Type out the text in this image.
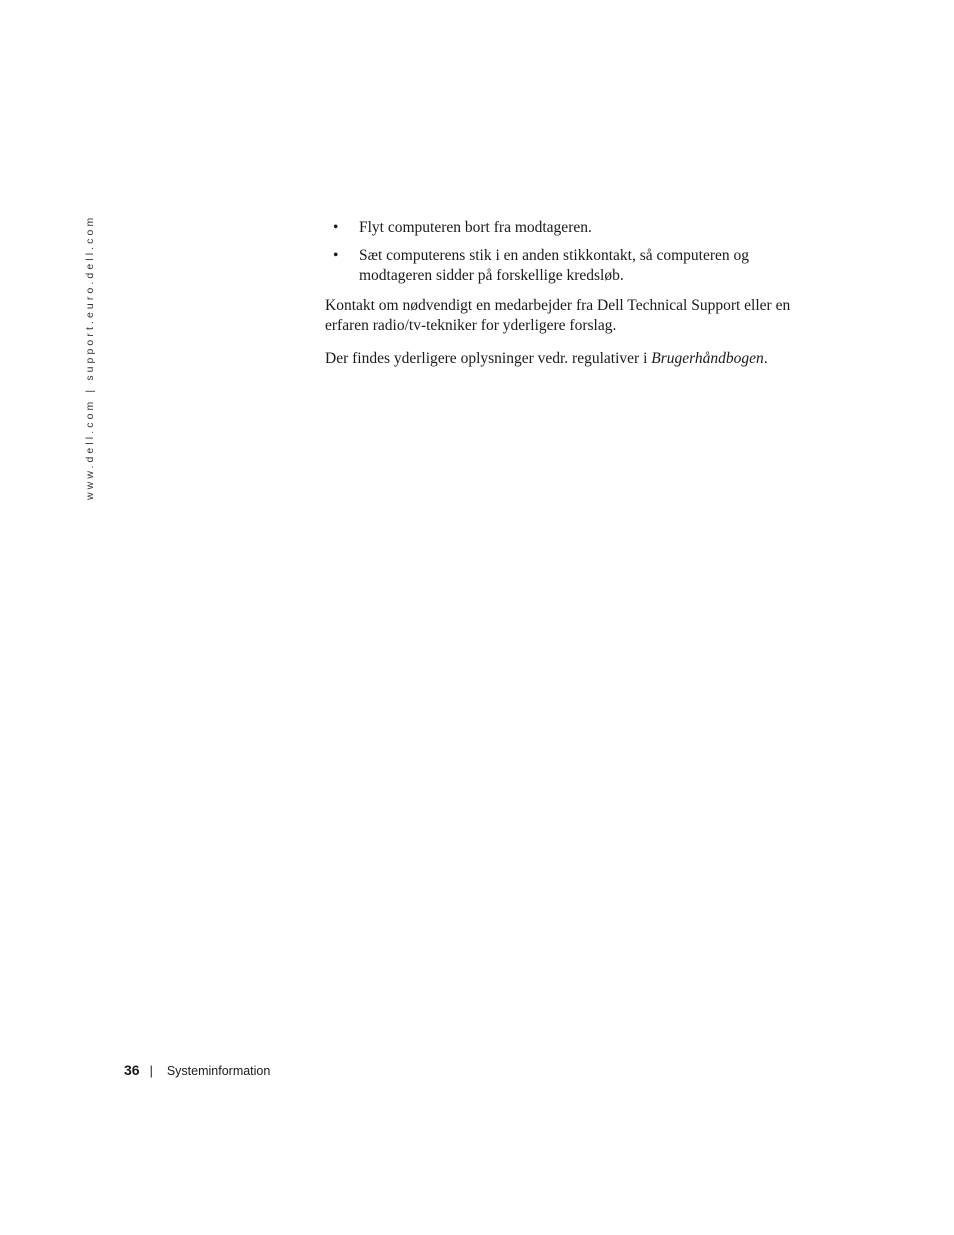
www.dell.com | support.euro.dell.com	• Flyt computeren bort fra modtageren.
• Sæt computerens stik i en anden stikkontakt, så computeren og modtageren sidder på forskellige kredsløb.

Kontakt om nødvendigt en medarbejder fra Dell Technical Support eller en erfaren radio/tv-tekniker for yderligere forslag.

Der findes yderligere oplysninger vedr. regulativer i Brugerhåndbogen.

36 | Systeminformation
